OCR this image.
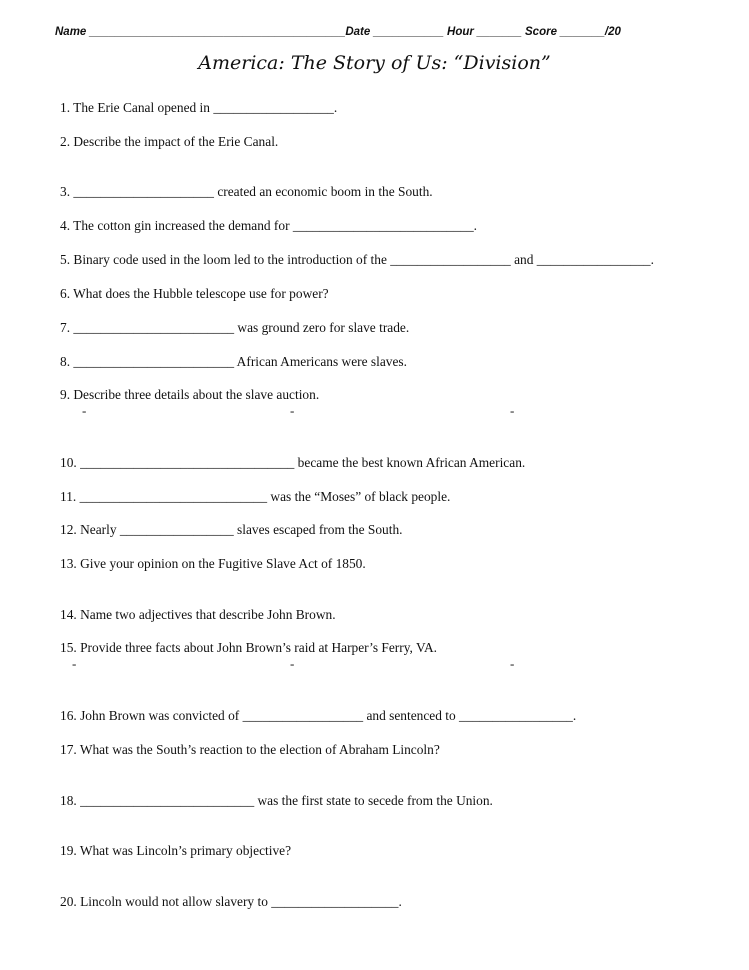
Name ________________________________________Date ___________ Hour _______ Score _______/20
America: The Story of Us: “Division”
1. The Erie Canal opened in __________________.
2. Describe the impact of the Erie Canal.
3. _____________________ created an economic boom in the South.
4. The cotton gin increased the demand for ___________________________.
5. Binary code used in the loom led to the introduction of the __________________ and _________________.
6. What does the Hubble telescope use for power?
7. ________________________ was ground zero for slave trade.
8. ________________________ African Americans were slaves.
9. Describe three details about the slave auction.
-	-	-
10. ________________________________ became the best known African American.
11. ____________________________ was the “Moses” of black people.
12. Nearly _________________ slaves escaped from the South.
13. Give your opinion on the Fugitive Slave Act of 1850.
14. Name two adjectives that describe John Brown.
15. Provide three facts about John Brown’s raid at Harper’s Ferry, VA.
-	-	-
16. John Brown was convicted of __________________ and sentenced to _________________.
17. What was the South’s reaction to the election of Abraham Lincoln?
18. __________________________ was the first state to secede from the Union.
19. What was Lincoln’s primary objective?
20. Lincoln would not allow slavery to ___________________.
